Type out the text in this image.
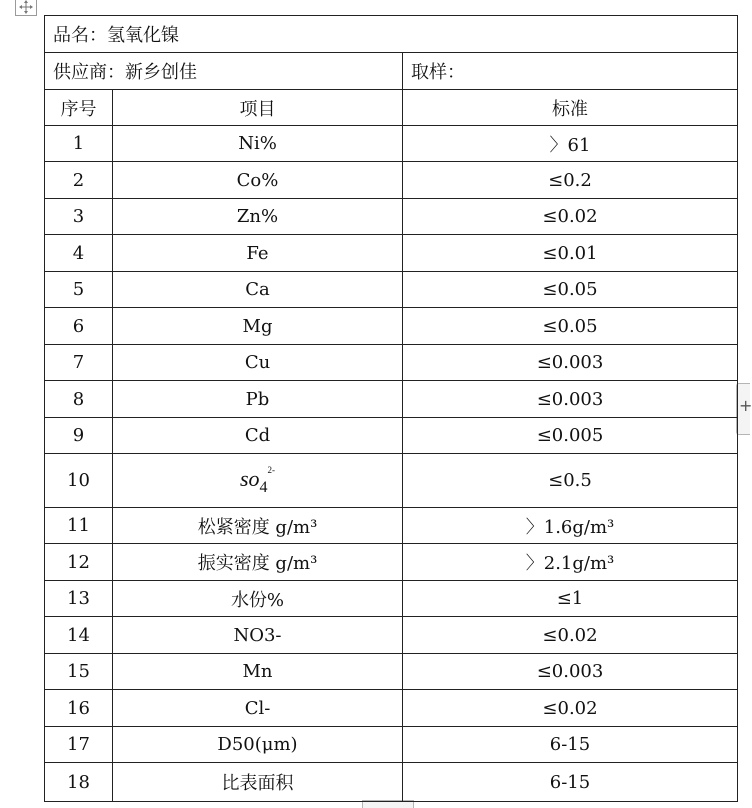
+
品名：氢氧化镍		
供应商：新乡创佳		取样：
序号	项目	标准
1	Ni%	〉61
2	Co%	≤0.2
3	Zn%	≤0.02
4	Fe	≤0.01
5	Ca	≤0.05
6	Mg	≤0.05
7	Cu	≤0.003
8	Pb	≤0.003
9	Cd	≤0.005
10	$so_4^{2-}$	≤0.5
11	松紧密度 g/m³	〉1.6g/m³
12	振实密度 g/m³	〉2.1g/m³
13	水份%	≤1
14	NO3-	≤0.02
15	Mn	≤0.003
16	Cl-	≤0.02
17	D50(μm)	6-15
18	比表面积	6-15
